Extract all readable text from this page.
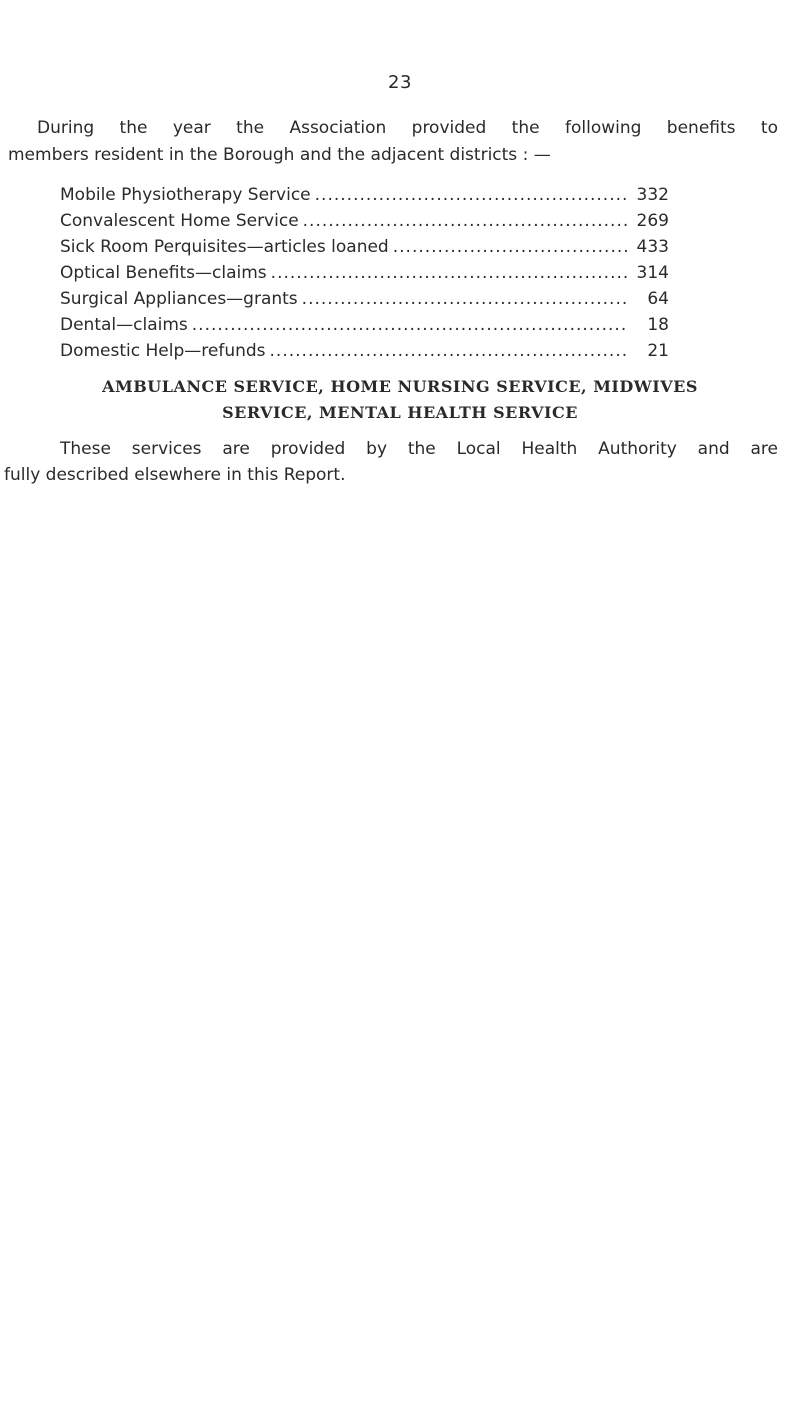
23
During the year the Association provided the following benefits to
members resident in the Borough and the adjacent districts : —
Mobile Physiotherapy Service .....	332
Convalescent Home Service .....	269
Sick Room Perquisites—articles loaned .....	433
Optical Benefits—claims .....	314
Surgical Appliances—grants .....	64
Dental—claims .....	18
Domestic Help—refunds .....	21
AMBULANCE SERVICE, HOME NURSING SERVICE, MIDWIVES
SERVICE, MENTAL HEALTH SERVICE
These services are provided by the Local Health Authority and are
fully described elsewhere in this Report.
